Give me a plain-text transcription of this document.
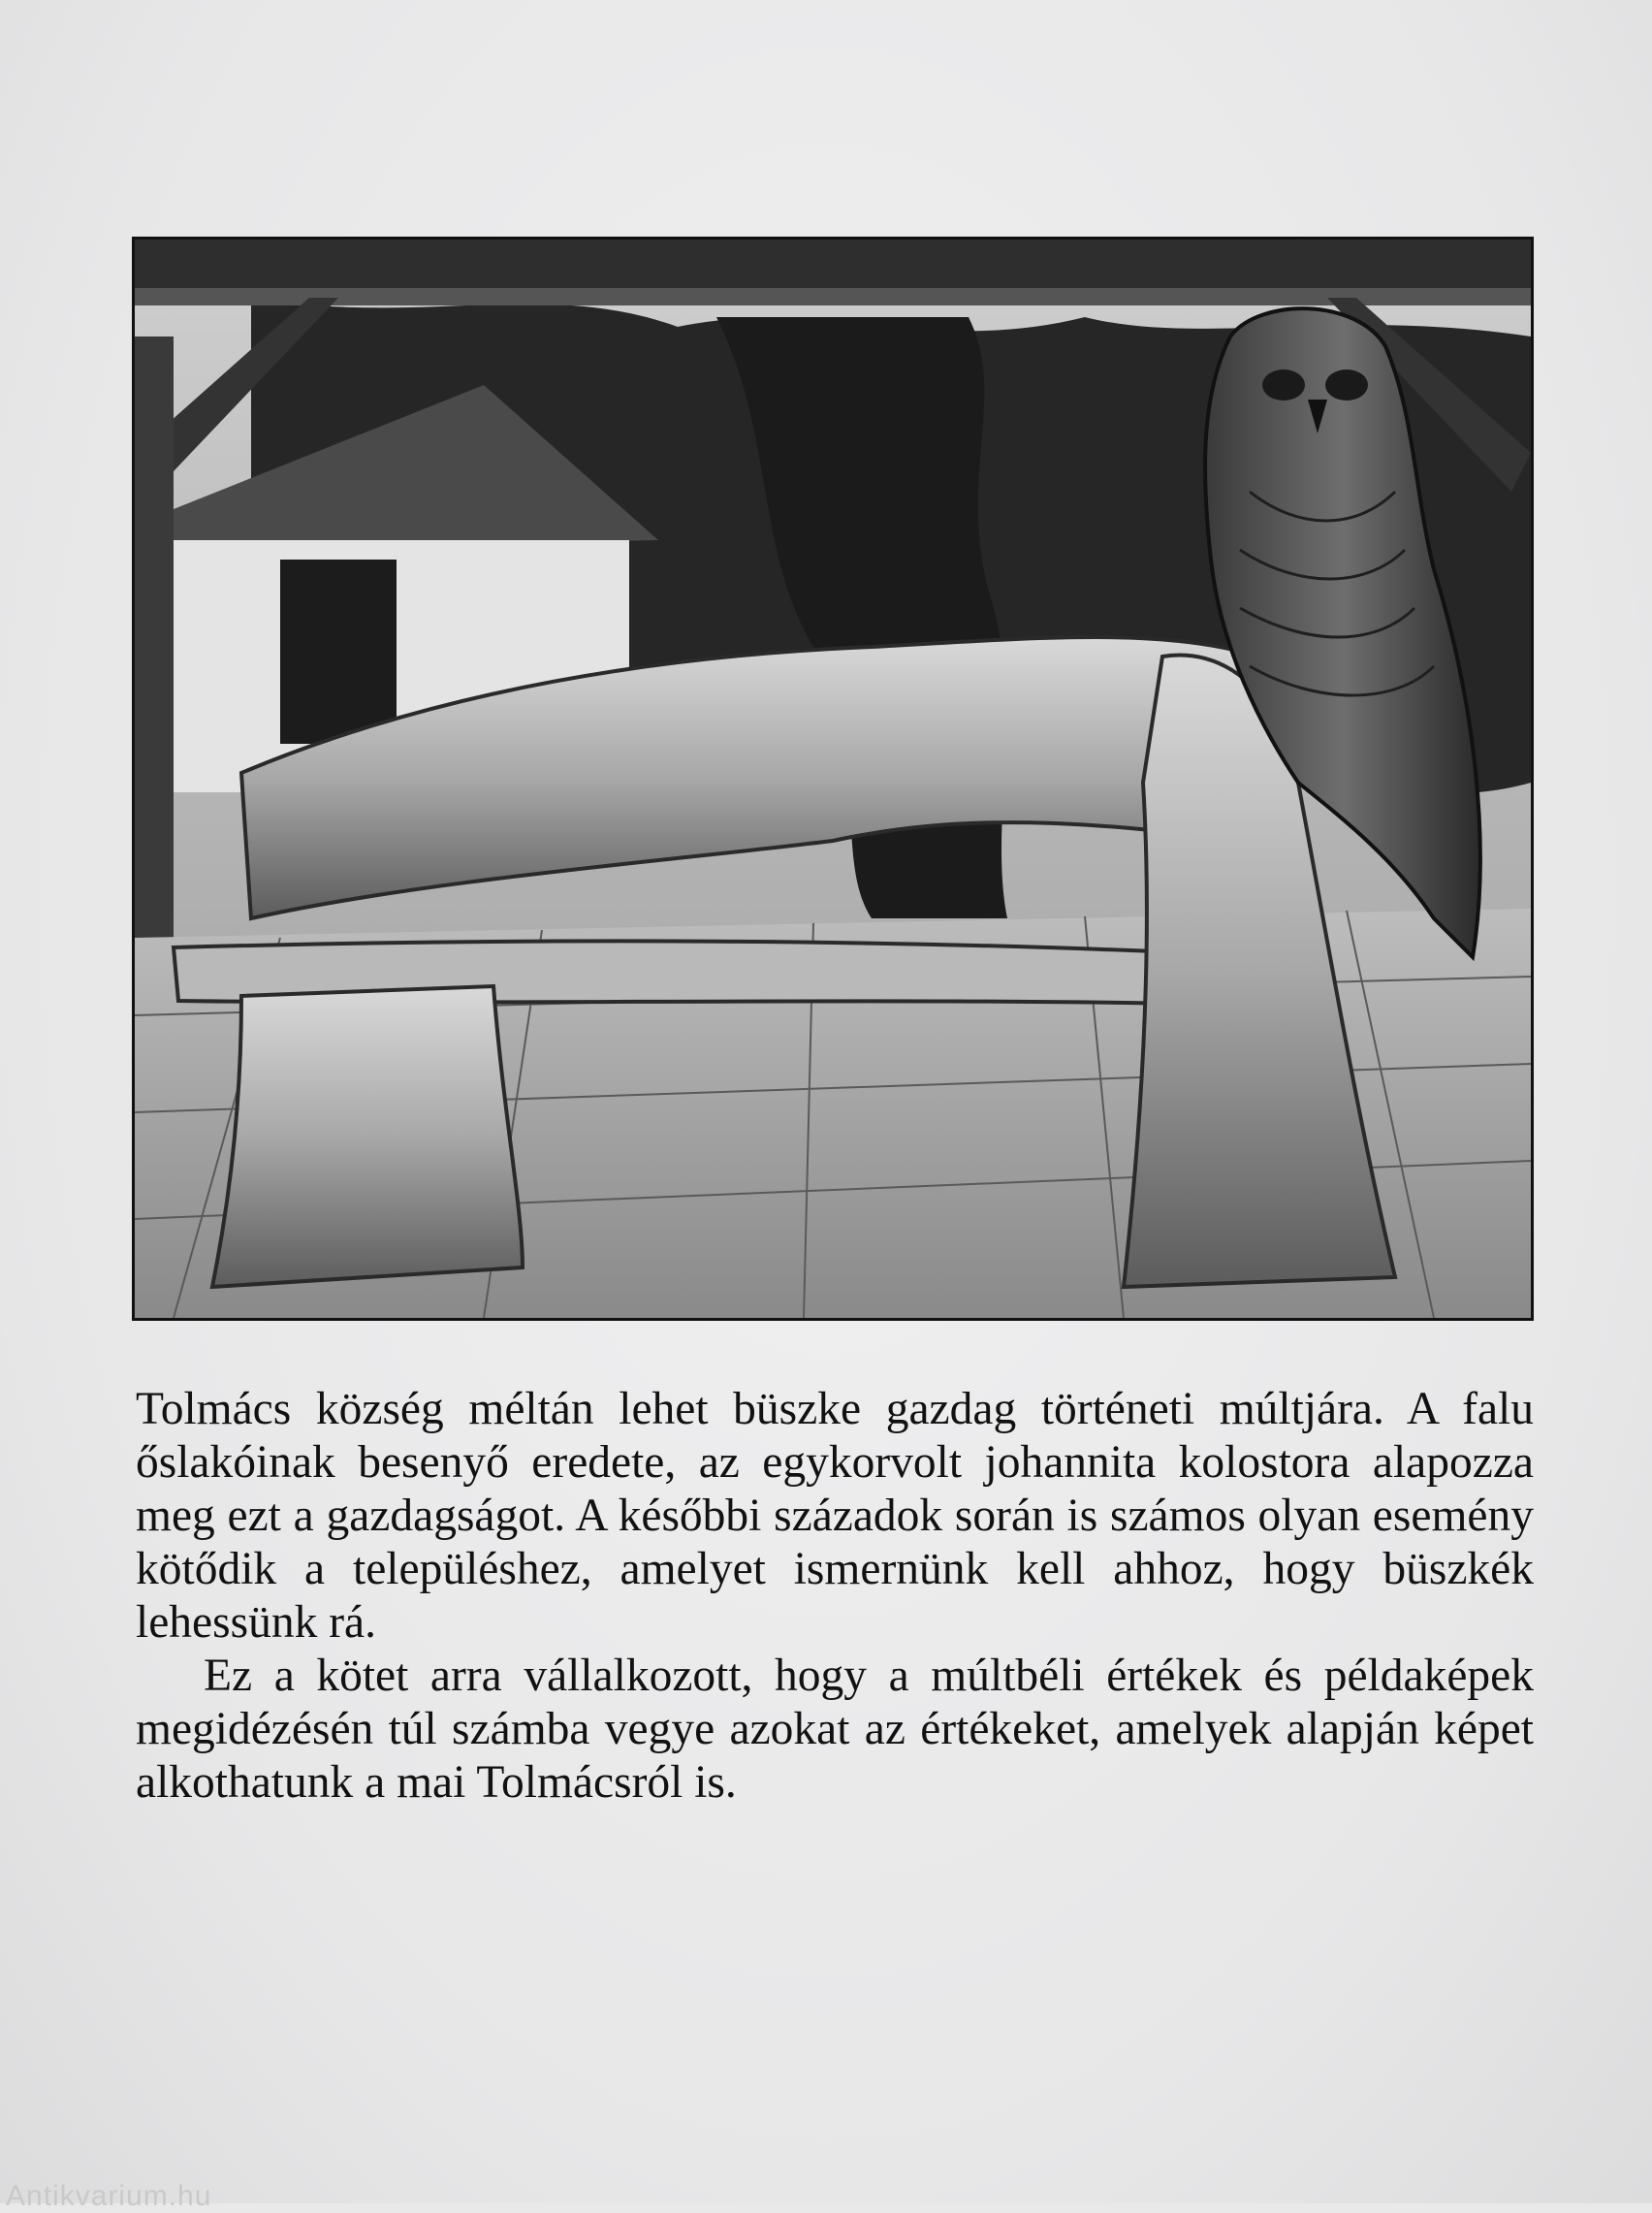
Tolmács község méltán lehet büszke gazdag történeti múltjára. A falu őslakóinak besenyő eredete, az egykorvolt johannita kolostora alapozza meg ezt a gazdagságot. A későbbi századok során is számos olyan esemény kötődik a településhez, amelyet ismernünk kell ahhoz, hogy büszkék lehessünk rá.

Ez a kötet arra vállalkozott, hogy a múltbéli értékek és példaképek megidézésén túl számba vegye azokat az értékeket, amelyek alapján képet alkothatunk a mai Tolmácsról is.

Antikvarium.hu
